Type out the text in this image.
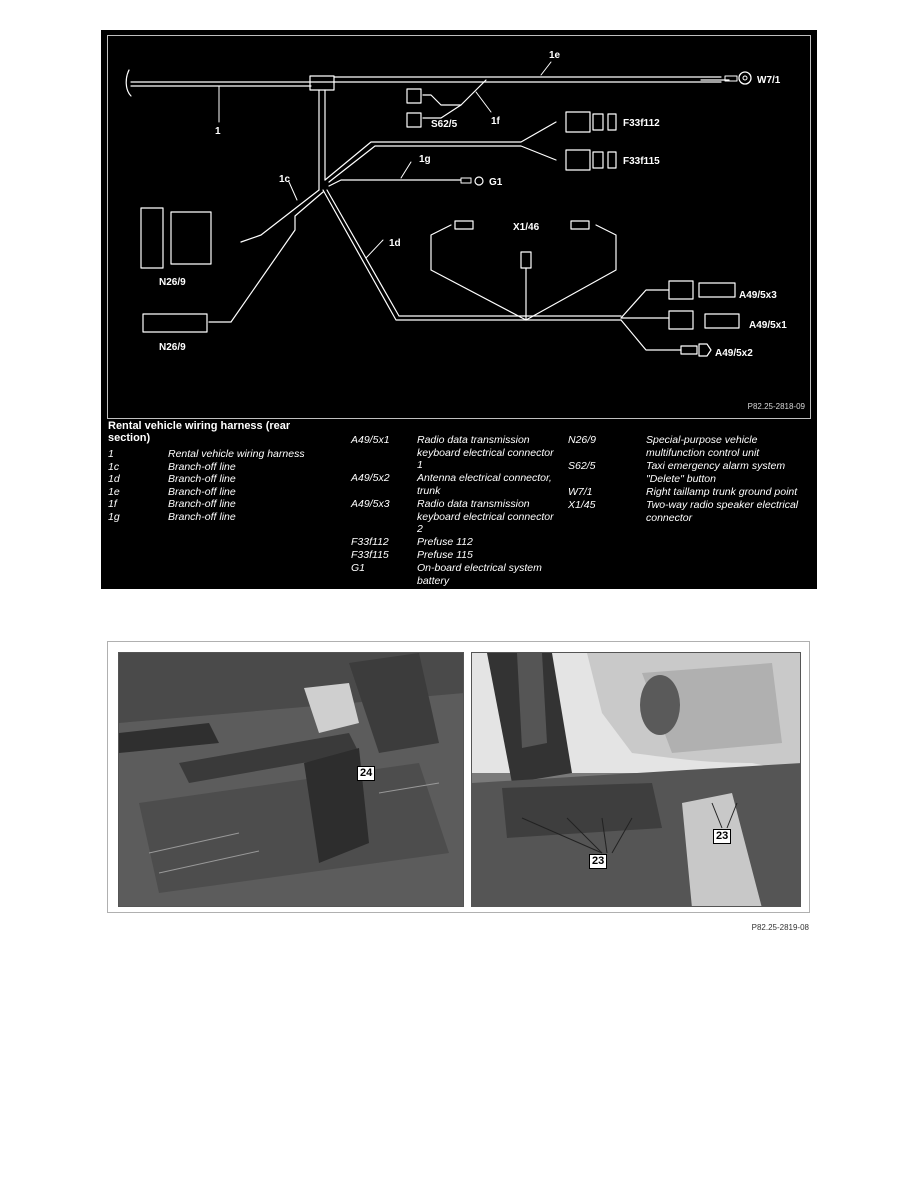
1
1c
1d
1e
1f
1g
W7/1
S62/5	F33f112
F33f115
G1
X1/46
N26/9
N26/9
A49/5x3
A49/5x1
A49/5x2
P82.25-2818-09
Rental vehicle wiring harness (rear section)
1	Rental vehicle wiring harness
1c	Branch-off line
1d	Branch-off line
1e	Branch-off line
1f	Branch-off line
1g	Branch-off line
A49/5x1	Radio data transmission keyboard electrical connector 1
A49/5x2	Antenna electrical connector, trunk
A49/5x3	Radio data transmission keyboard electrical connector 2
F33f112	Prefuse 112
F33f115	Prefuse 115
G1	On-board electrical system battery
N26/9	Special-purpose vehicle multifunction control unit
S62/5	Taxi emergency alarm system "Delete" button
W7/1	Right taillamp trunk ground point
X1/45	Two-way radio speaker electrical connector
24
23
23
P82.25-2819-08
